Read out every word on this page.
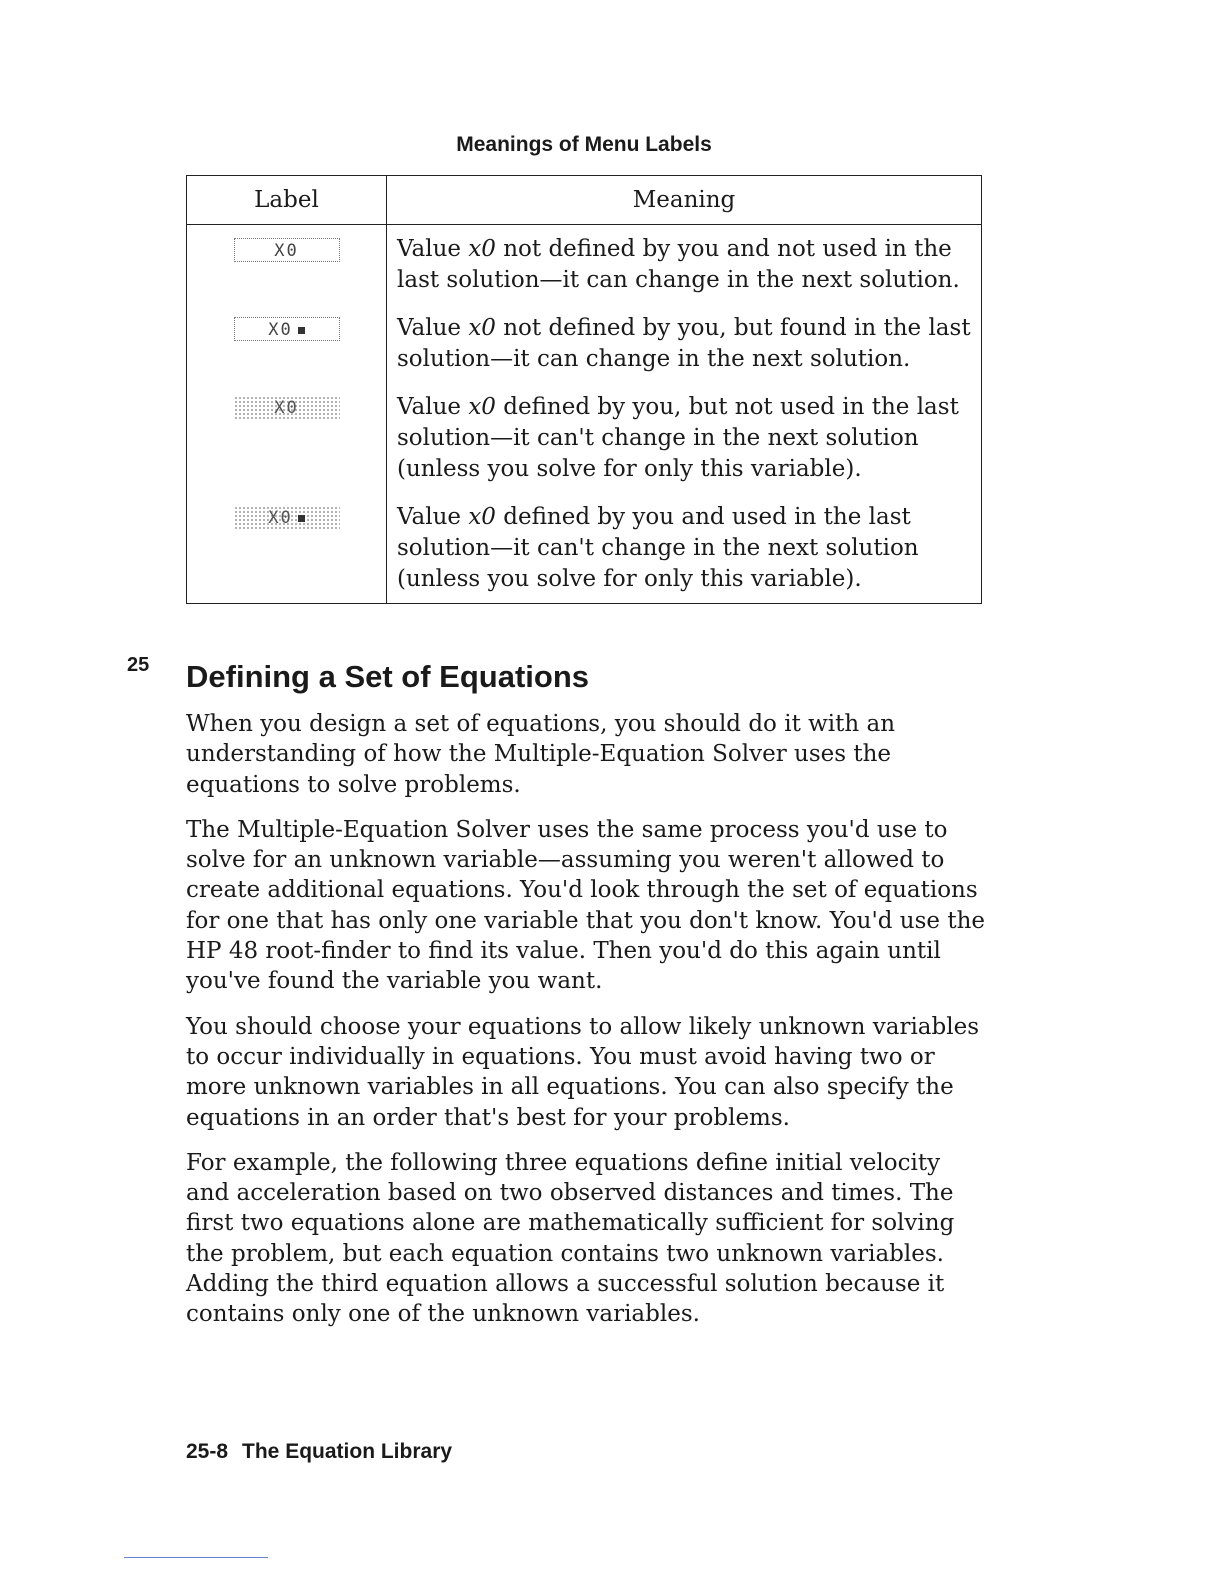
Meanings of Menu Labels
Label	Meaning
X0	Value x0 not defined by you and not used in the last solution—it can change in the next solution.
X0	Value x0 not defined by you, but found in the last solution—it can change in the next solution.
X0	Value x0 defined by you, but not used in the last solution—it can't change in the next solution (unless you solve for only this variable).
X0	Value x0 defined by you and used in the last solution—it can't change in the next solution (unless you solve for only this variable).
25 Defining a Set of Equations

When you design a set of equations, you should do it with an understanding of how the Multiple-Equation Solver uses the equations to solve problems.

The Multiple-Equation Solver uses the same process you'd use to solve for an unknown variable—assuming you weren't allowed to create additional equations. You'd look through the set of equations for one that has only one variable that you don't know. You'd use the HP 48 root-finder to find its value. Then you'd do this again until you've found the variable you want.

You should choose your equations to allow likely unknown variables to occur individually in equations. You must avoid having two or more unknown variables in all equations. You can also specify the equations in an order that's best for your problems.

For example, the following three equations define initial velocity and acceleration based on two observed distances and times. The first two equations alone are mathematically sufficient for solving the problem, but each equation contains two unknown variables. Adding the third equation allows a successful solution because it contains only one of the unknown variables.

25-8 The Equation Library
